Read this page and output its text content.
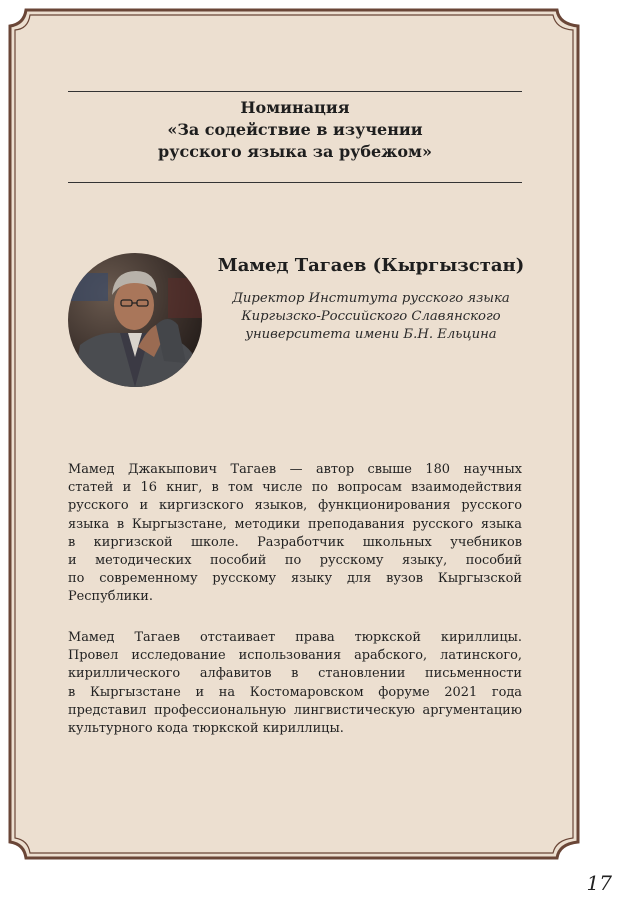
Номинация
«За содействие в изучении
русского языка за рубежом»
Мамед Тагаев (Кыргызстан)
Директор Института русского языка
Киргызско-Российского Славянского
университета имени Б.Н. Ельцина
Мамед Джакыпович Тагаев — автор свыше 180 научных
статей и 16 книг, в том числе по вопросам взаимодействия
русского и киргизского языков, функционирования русского
языка в Кыргызстане, методики преподавания русского языка
в киргизской школе. Разработчик школьных учебников
и методических пособий по русскому языку, пособий
по современному русскому языку для вузов Кыргызской
Республики.
Мамед Тагаев отстаивает права тюркской кириллицы.
Провел исследование использования арабского, латинского,
кириллического алфавитов в становлении письменности
в Кыргызстане и на Костомаровском форуме 2021 года
представил профессиональную лингвистическую аргументацию
культурного кода тюркской кириллицы.
17
